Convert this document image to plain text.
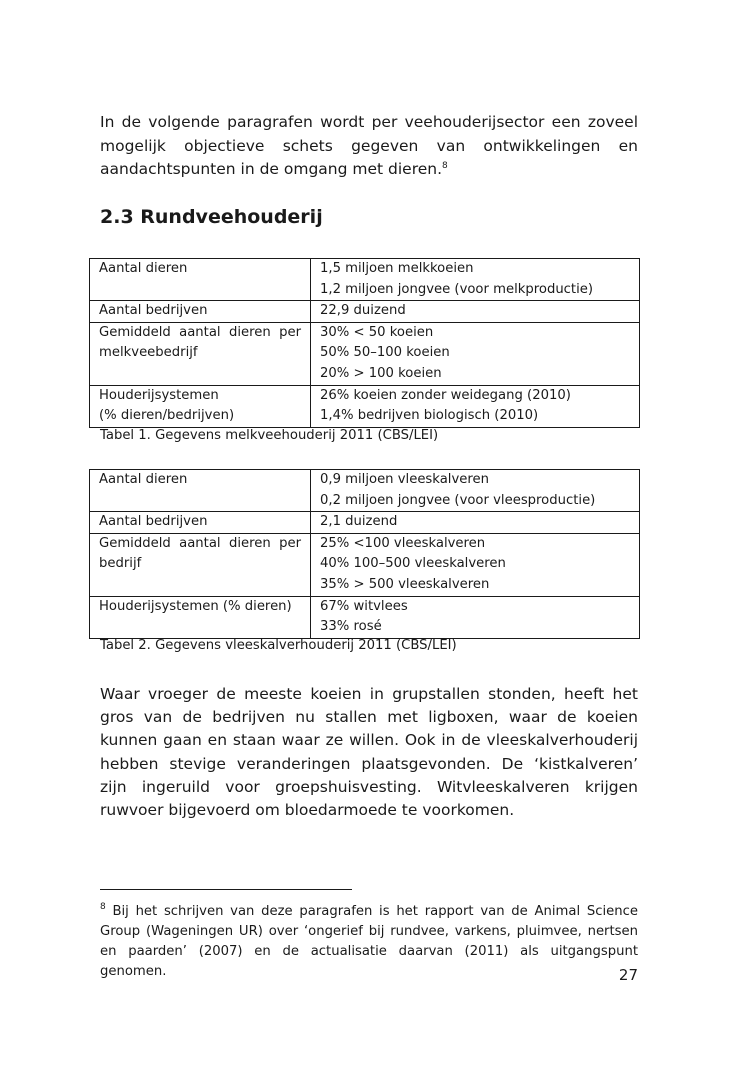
In de volgende paragrafen wordt per veehouderijsector een zoveel mogelijk objectieve schets gegeven van ontwikkelingen en aandachtspunten in de omgang met dieren.$^8$

2.3 Rundveehouderij
Aantal dieren	1,5 miljoen melkkoeien
1,2 miljoen jongvee (voor melkproductie)

Aantal bedrijven	22,9 duizend

Gemiddeld aantal dieren per
melkveebedrijf	30% < 50 koeien
50% 50–100 koeien
20% > 100 koeien

Houderijsystemen
(% dieren/bedrijven)	26% koeien zonder weidegang (2010)
1,4% bedrijven biologisch (2010)
Tabel 1. Gegevens melkveehouderij 2011 (CBS/LEI)
Aantal dieren	0,9 miljoen vleeskalveren
0,2 miljoen jongvee (voor vleesproductie)

Aantal bedrijven	2,1 duizend

Gemiddeld aantal dieren per
bedrijf	25% <100 vleeskalveren
40% 100–500 vleeskalveren
35% > 500 vleeskalveren

Houderijsystemen (% dieren)	67% witvlees
33% rosé
Tabel 2. Gegevens vleeskalverhouderij 2011 (CBS/LEI)

Waar vroeger de meeste koeien in grupstallen stonden, heeft het gros van de bedrijven nu stallen met ligboxen, waar de koeien kunnen gaan en staan waar ze willen. Ook in de vleeskalverhouderij hebben stevige veranderingen plaatsgevonden. De ‘kistkalveren’ zijn ingeruild voor groepshuisvesting. Witvleeskalveren krijgen ruwvoer bijgevoerd om bloedarmoede te voorkomen.

$^8$ Bij het schrijven van deze paragrafen is het rapport van de Animal Science Group (Wageningen UR) over ‘ongerief bij rundvee, varkens, pluimvee, nertsen en paarden’ (2007) en de actualisatie daarvan (2011) als uitgangspunt genomen.	27
